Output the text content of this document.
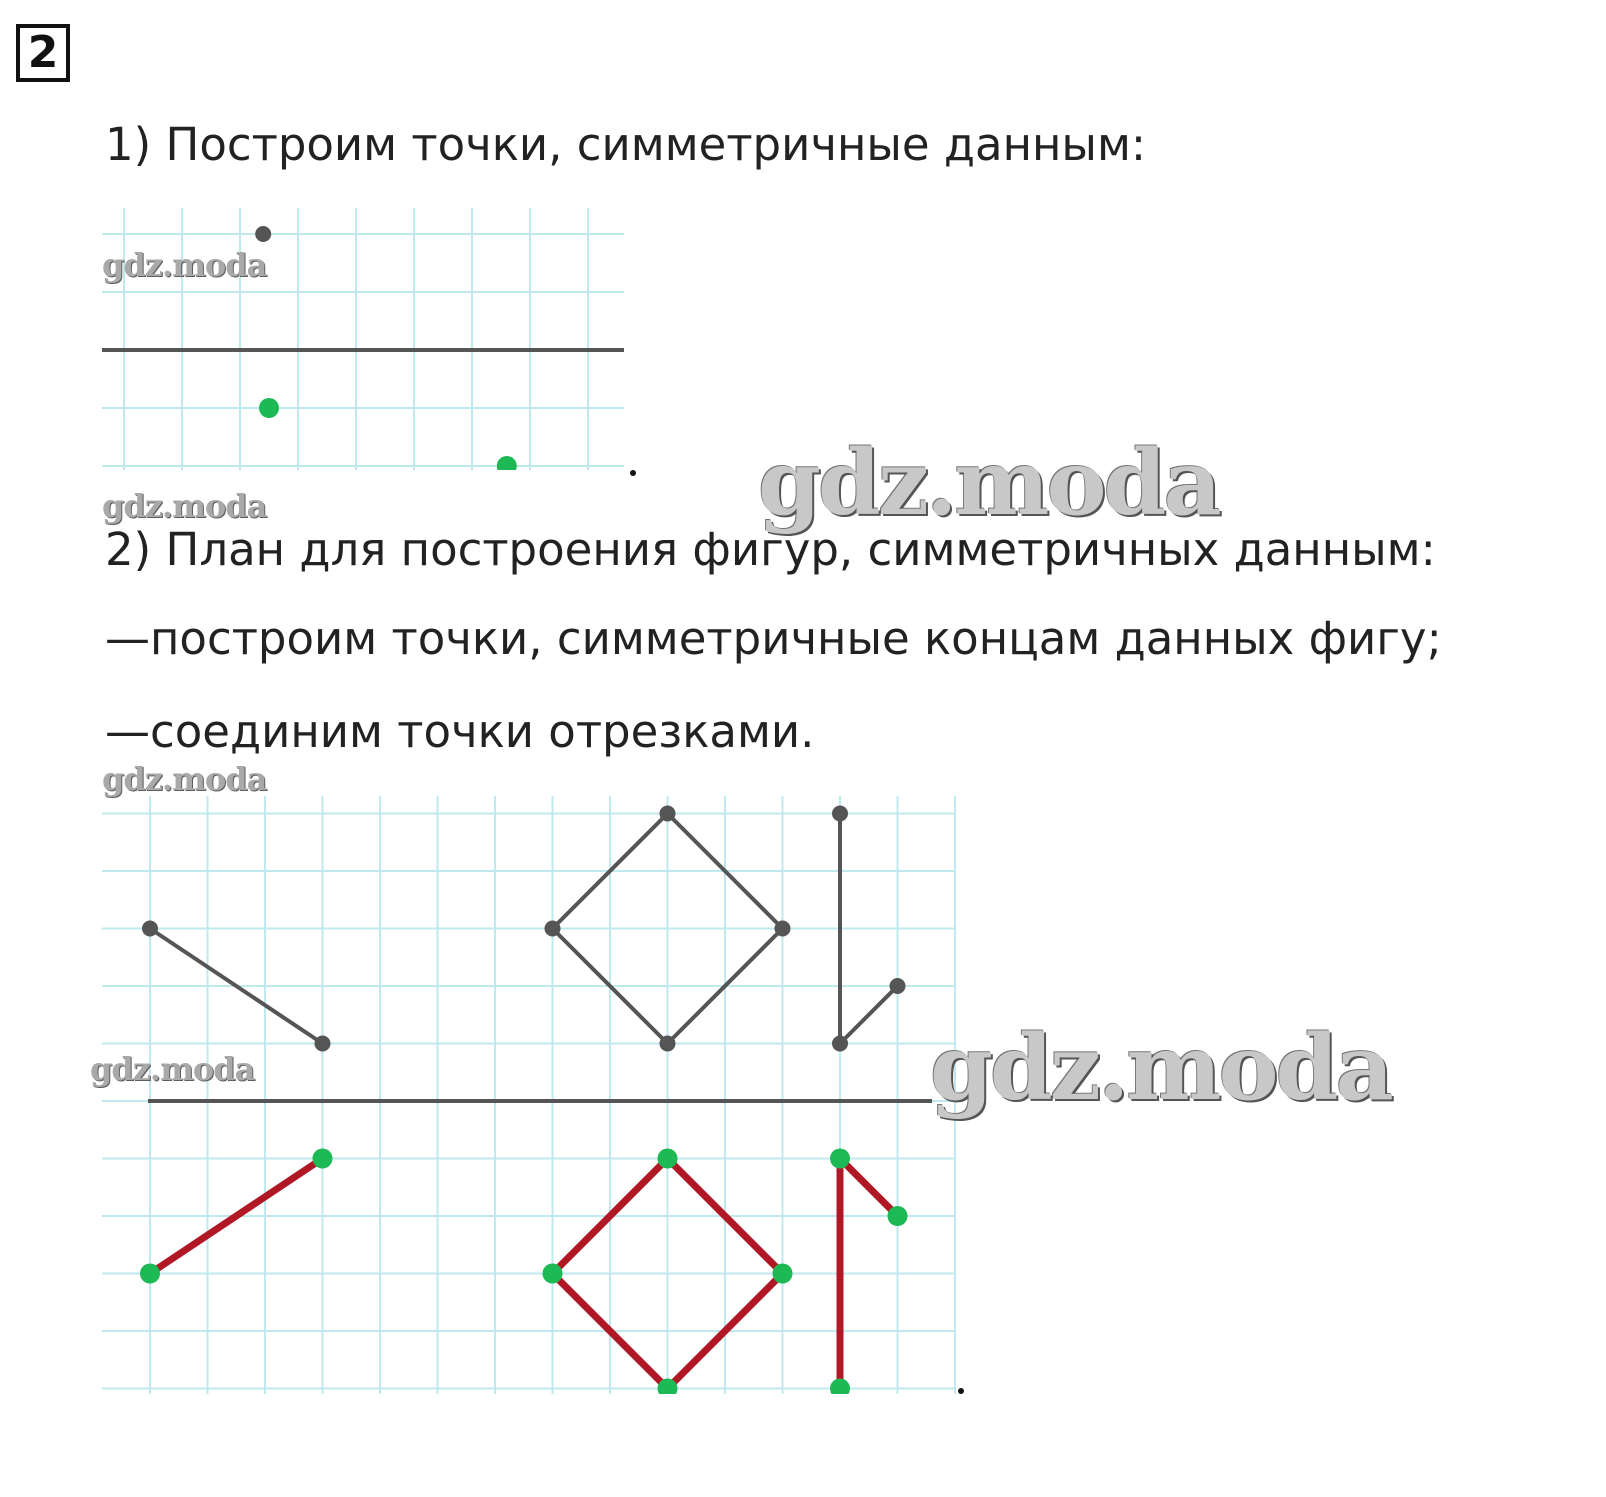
2
1) Построим точки, симметричные данным:
gdz.moda
gdz.moda	gdz.moda
2) План для построения фигур, симметричных данным:
—построим точки, симметричные концам данных фигу;
—соединим точки отрезками.
gdz.moda
gdz.moda	gdz.moda
